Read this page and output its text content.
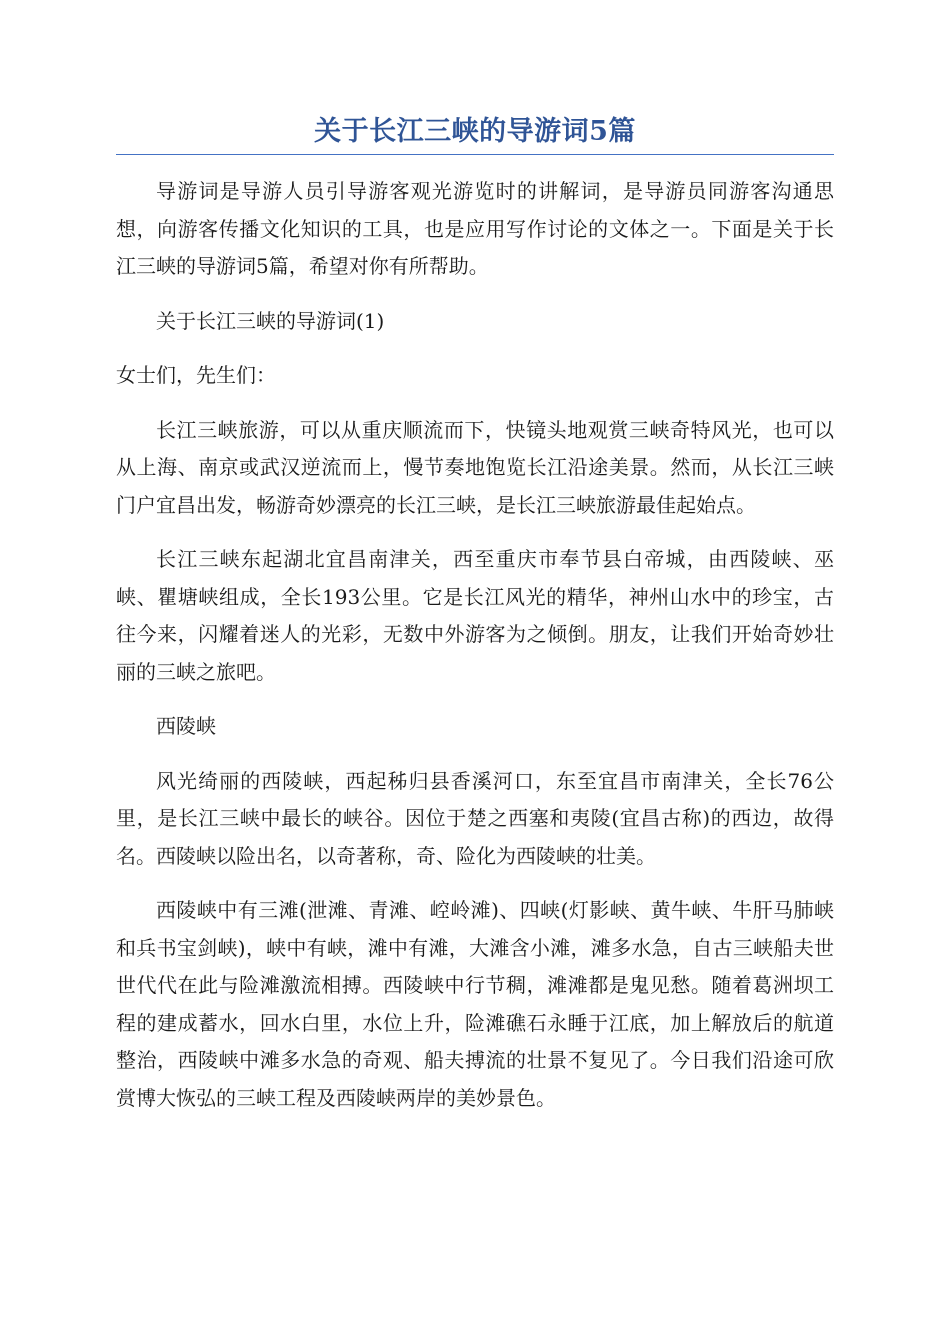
关于长江三峡的导游词5篇

导游词是导游人员引导游客观光游览时的讲解词，是导游员同游客沟通思想，向游客传播文化知识的工具，也是应用写作讨论的文体之一。下面是关于长江三峡的导游词5篇，希望对你有所帮助。

关于长江三峡的导游词(1)

女士们，先生们：

长江三峡旅游，可以从重庆顺流而下，快镜头地观赏三峡奇特风光，也可以从上海、南京或武汉逆流而上，慢节奏地饱览长江沿途美景。然而，从长江三峡门户宜昌出发，畅游奇妙漂亮的长江三峡，是长江三峡旅游最佳起始点。

长江三峡东起湖北宜昌南津关，西至重庆市奉节县白帝城，由西陵峡、巫峡、瞿塘峡组成，全长193公里。它是长江风光的精华，神州山水中的珍宝，古往今来，闪耀着迷人的光彩，无数中外游客为之倾倒。朋友，让我们开始奇妙壮丽的三峡之旅吧。

西陵峡

风光绮丽的西陵峡，西起秭归县香溪河口，东至宜昌市南津关，全长76公里，是长江三峡中最长的峡谷。因位于楚之西塞和夷陵(宜昌古称)的西边，故得名。西陵峡以险出名，以奇著称，奇、险化为西陵峡的壮美。

西陵峡中有三滩(泄滩、青滩、崆岭滩)、四峡(灯影峡、黄牛峡、牛肝马肺峡和兵书宝剑峡)，峡中有峡，滩中有滩，大滩含小滩，滩多水急，自古三峡船夫世世代代在此与险滩激流相搏。西陵峡中行节稠，滩滩都是鬼见愁。随着葛洲坝工程的建成蓄水，回水白里，水位上升，险滩礁石永睡于江底，加上解放后的航道整治，西陵峡中滩多水急的奇观、船夫搏流的壮景不复见了。今日我们沿途可欣赏博大恢弘的三峡工程及西陵峡两岸的美妙景色。
